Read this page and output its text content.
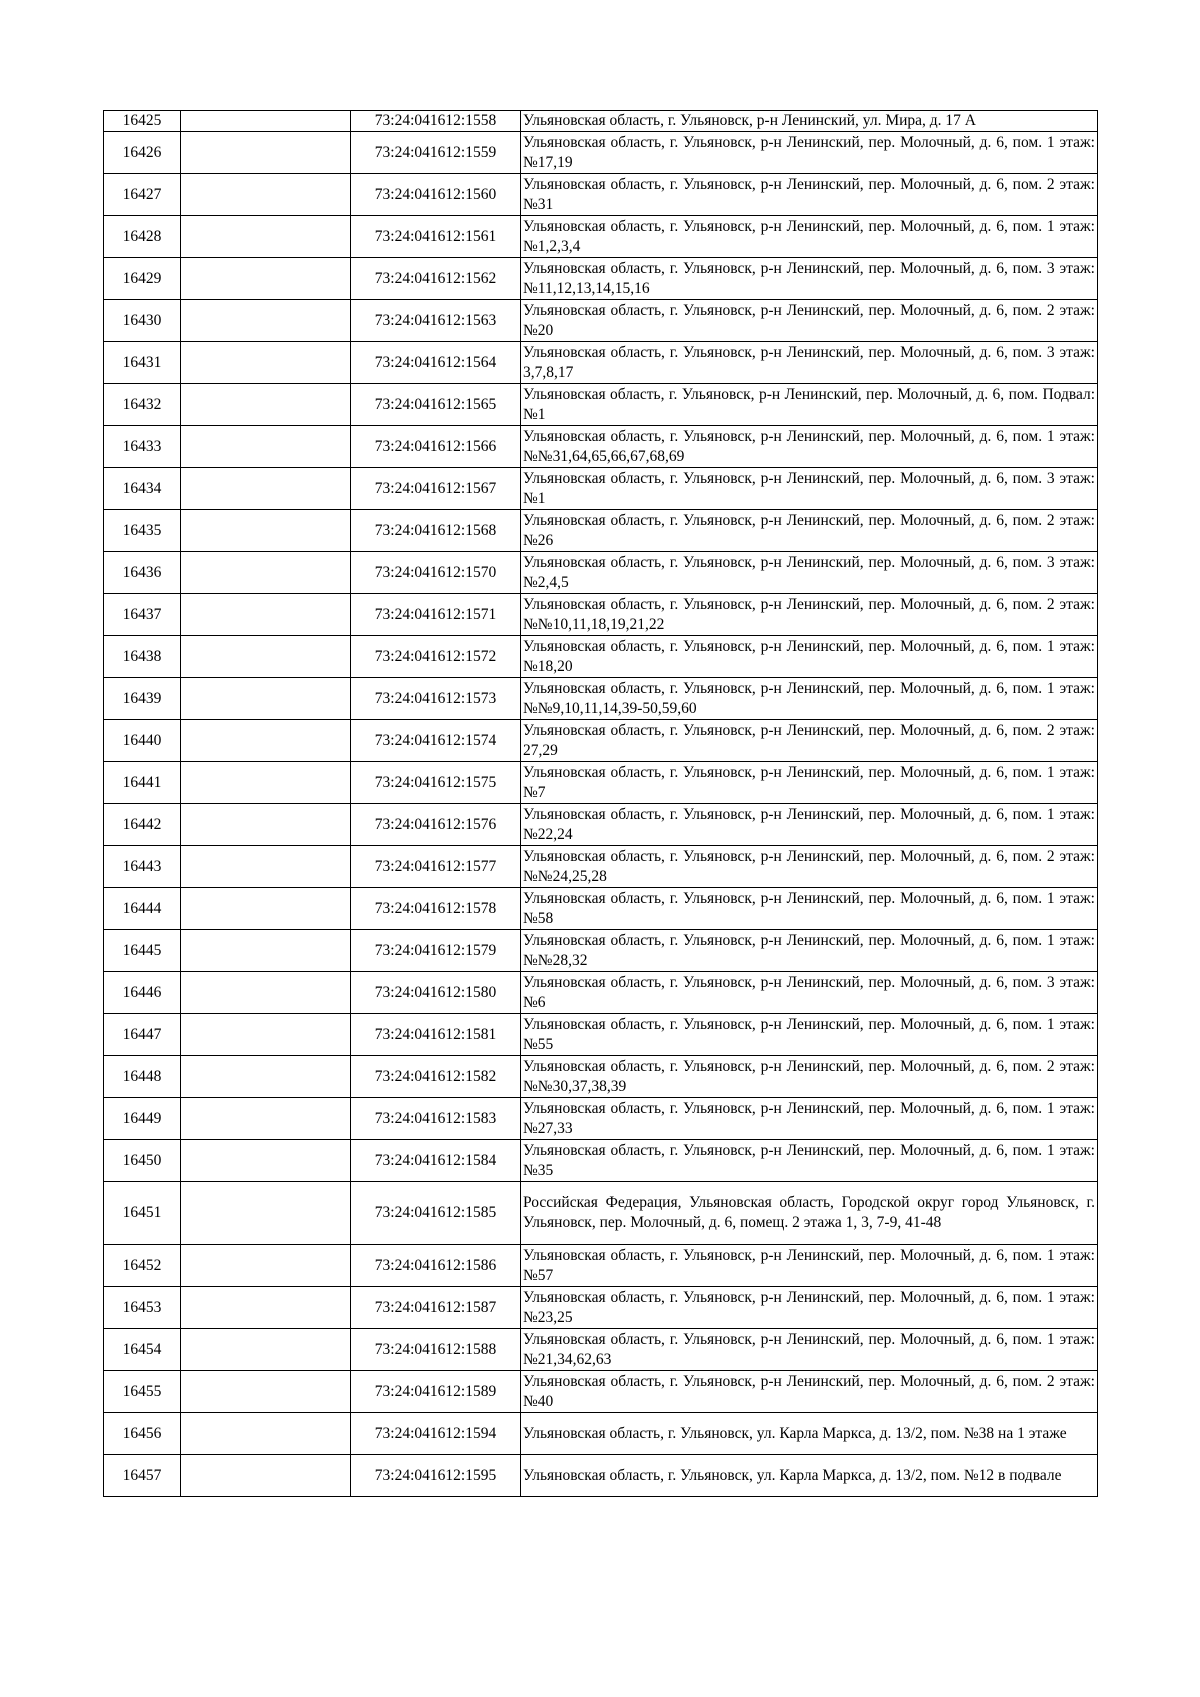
16425		73:24:041612:1558	Ульяновская область, г. Ульяновск, р-н Ленинский, ул. Мира, д. 17 А
16426		73:24:041612:1559	Ульяновская область, г. Ульяновск, р-н Ленинский, пер. Молочный, д. 6, пом. 1 этаж: №17,19
16427		73:24:041612:1560	Ульяновская область, г. Ульяновск, р-н Ленинский, пер. Молочный, д. 6, пом. 2 этаж: №31
16428		73:24:041612:1561	Ульяновская область, г. Ульяновск, р-н Ленинский, пер. Молочный, д. 6, пом. 1 этаж: №1,2,3,4
16429		73:24:041612:1562	Ульяновская область, г. Ульяновск, р-н Ленинский, пер. Молочный, д. 6, пом. 3 этаж: №11,12,13,14,15,16
16430		73:24:041612:1563	Ульяновская область, г. Ульяновск, р-н Ленинский, пер. Молочный, д. 6, пом. 2 этаж: №20
16431		73:24:041612:1564	Ульяновская область, г. Ульяновск, р-н Ленинский, пер. Молочный, д. 6, пом. 3 этаж: 3,7,8,17
16432		73:24:041612:1565	Ульяновская область, г. Ульяновск, р-н Ленинский, пер. Молочный, д. 6, пом. Подвал: №1
16433		73:24:041612:1566	Ульяновская область, г. Ульяновск, р-н Ленинский, пер. Молочный, д. 6, пом. 1 этаж: №№31,64,65,66,67,68,69
16434		73:24:041612:1567	Ульяновская область, г. Ульяновск, р-н Ленинский, пер. Молочный, д. 6, пом. 3 этаж: №1
16435		73:24:041612:1568	Ульяновская область, г. Ульяновск, р-н Ленинский, пер. Молочный, д. 6, пом. 2 этаж: №26
16436		73:24:041612:1570	Ульяновская область, г. Ульяновск, р-н Ленинский, пер. Молочный, д. 6, пом. 3 этаж: №2,4,5
16437		73:24:041612:1571	Ульяновская область, г. Ульяновск, р-н Ленинский, пер. Молочный, д. 6, пом. 2 этаж: №№10,11,18,19,21,22
16438		73:24:041612:1572	Ульяновская область, г. Ульяновск, р-н Ленинский, пер. Молочный, д. 6, пом. 1 этаж: №18,20
16439		73:24:041612:1573	Ульяновская область, г. Ульяновск, р-н Ленинский, пер. Молочный, д. 6, пом. 1 этаж: №№9,10,11,14,39-50,59,60
16440		73:24:041612:1574	Ульяновская область, г. Ульяновск, р-н Ленинский, пер. Молочный, д. 6, пом. 2 этаж: 27,29
16441		73:24:041612:1575	Ульяновская область, г. Ульяновск, р-н Ленинский, пер. Молочный, д. 6, пом. 1 этаж: №7
16442		73:24:041612:1576	Ульяновская область, г. Ульяновск, р-н Ленинский, пер. Молочный, д. 6, пом. 1 этаж: №22,24
16443		73:24:041612:1577	Ульяновская область, г. Ульяновск, р-н Ленинский, пер. Молочный, д. 6, пом. 2 этаж: №№24,25,28
16444		73:24:041612:1578	Ульяновская область, г. Ульяновск, р-н Ленинский, пер. Молочный, д. 6, пом. 1 этаж: №58
16445		73:24:041612:1579	Ульяновская область, г. Ульяновск, р-н Ленинский, пер. Молочный, д. 6, пом. 1 этаж: №№28,32
16446		73:24:041612:1580	Ульяновская область, г. Ульяновск, р-н Ленинский, пер. Молочный, д. 6, пом. 3 этаж: №6
16447		73:24:041612:1581	Ульяновская область, г. Ульяновск, р-н Ленинский, пер. Молочный, д. 6, пом. 1 этаж: №55
16448		73:24:041612:1582	Ульяновская область, г. Ульяновск, р-н Ленинский, пер. Молочный, д. 6, пом. 2 этаж: №№30,37,38,39
16449		73:24:041612:1583	Ульяновская область, г. Ульяновск, р-н Ленинский, пер. Молочный, д. 6, пом. 1 этаж: №27,33
16450		73:24:041612:1584	Ульяновская область, г. Ульяновск, р-н Ленинский, пер. Молочный, д. 6, пом. 1 этаж: №35
16451		73:24:041612:1585	Российская Федерация, Ульяновская область, Городской округ город Ульяновск, г. Ульяновск, пер. Молочный, д. 6, помещ. 2 этажа 1, 3, 7-9, 41-48
16452		73:24:041612:1586	Ульяновская область, г. Ульяновск, р-н Ленинский, пер. Молочный, д. 6, пом. 1 этаж: №57
16453		73:24:041612:1587	Ульяновская область, г. Ульяновск, р-н Ленинский, пер. Молочный, д. 6, пом. 1 этаж: №23,25
16454		73:24:041612:1588	Ульяновская область, г. Ульяновск, р-н Ленинский, пер. Молочный, д. 6, пом. 1 этаж: №21,34,62,63
16455		73:24:041612:1589	Ульяновская область, г. Ульяновск, р-н Ленинский, пер. Молочный, д. 6, пом. 2 этаж: №40
16456		73:24:041612:1594	Ульяновская область, г. Ульяновск, ул. Карла Маркса, д. 13/2, пом. №38 на 1 этаже
16457		73:24:041612:1595	Ульяновская область, г. Ульяновск, ул. Карла Маркса, д. 13/2, пом. №12 в подвале
